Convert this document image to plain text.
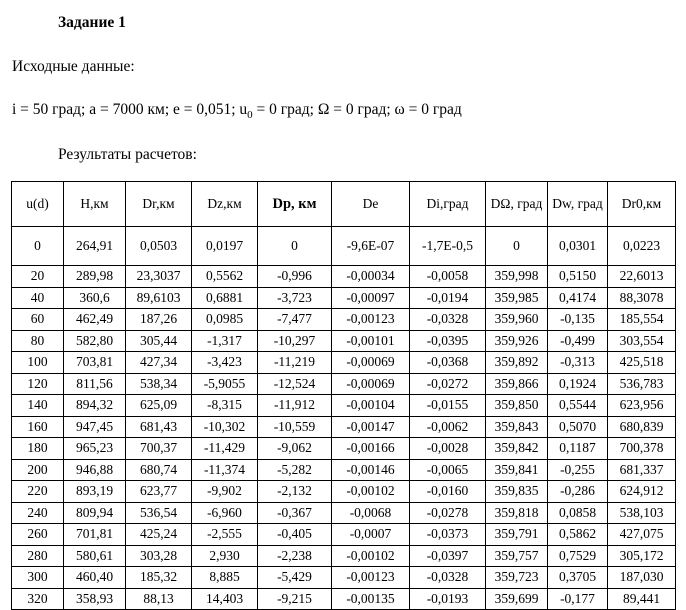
Задание 1
Исходные данные:
i = 50 град; a = 7000 км; e = 0,051; $u_0 = 0$ град; Ω = 0 град; ω = 0 град
Результаты расчетов:
u(d)	H,км	Dr,км	Dz,км	Dp, км	De	Di,град	DΩ, град	Dw, град	Dr0,км
0	264,91	0,0503	0,0197	0	-9,6Е-07	-1,7Е-0,5	0	0,0301	0,0223
20	289,98	23,3037	0,5562	-0,996	-0,00034	-0,0058	359,998	0,5150	22,6013
40	360,6	89,6103	0,6881	-3,723	-0,00097	-0,0194	359,985	0,4174	88,3078
60	462,49	187,26	0,0985	-7,477	-0,00123	-0,0328	359,960	-0,135	185,554
80	582,80	305,44	-1,317	-10,297	-0,00101	-0,0395	359,926	-0,499	303,554
100	703,81	427,34	-3,423	-11,219	-0,00069	-0,0368	359,892	-0,313	425,518
120	811,56	538,34	-5,9055	-12,524	-0,00069	-0,0272	359,866	0,1924	536,783
140	894,32	625,09	-8,315	-11,912	-0,00104	-0,0155	359,850	0,5544	623,956
160	947,45	681,43	-10,302	-10,559	-0,00147	-0,0062	359,843	0,5070	680,839
180	965,23	700,37	-11,429	-9,062	-0,00166	-0,0028	359,842	0,1187	700,378
200	946,88	680,74	-11,374	-5,282	-0,00146	-0,0065	359,841	-0,255	681,337
220	893,19	623,77	-9,902	-2,132	-0,00102	-0,0160	359,835	-0,286	624,912
240	809,94	536,54	-6,960	-0,367	-0,0068	-0,0278	359,818	0,0858	538,103
260	701,81	425,24	-2,555	-0,405	-0,0007	-0,0373	359,791	0,5862	427,075
280	580,61	303,28	2,930	-2,238	-0,00102	-0,0397	359,757	0,7529	305,172
300	460,40	185,32	8,885	-5,429	-0,00123	-0,0328	359,723	0,3705	187,030
320	358,93	88,13	14,403	-9,215	-0,00135	-0,0193	359,699	-0,177	89,441
